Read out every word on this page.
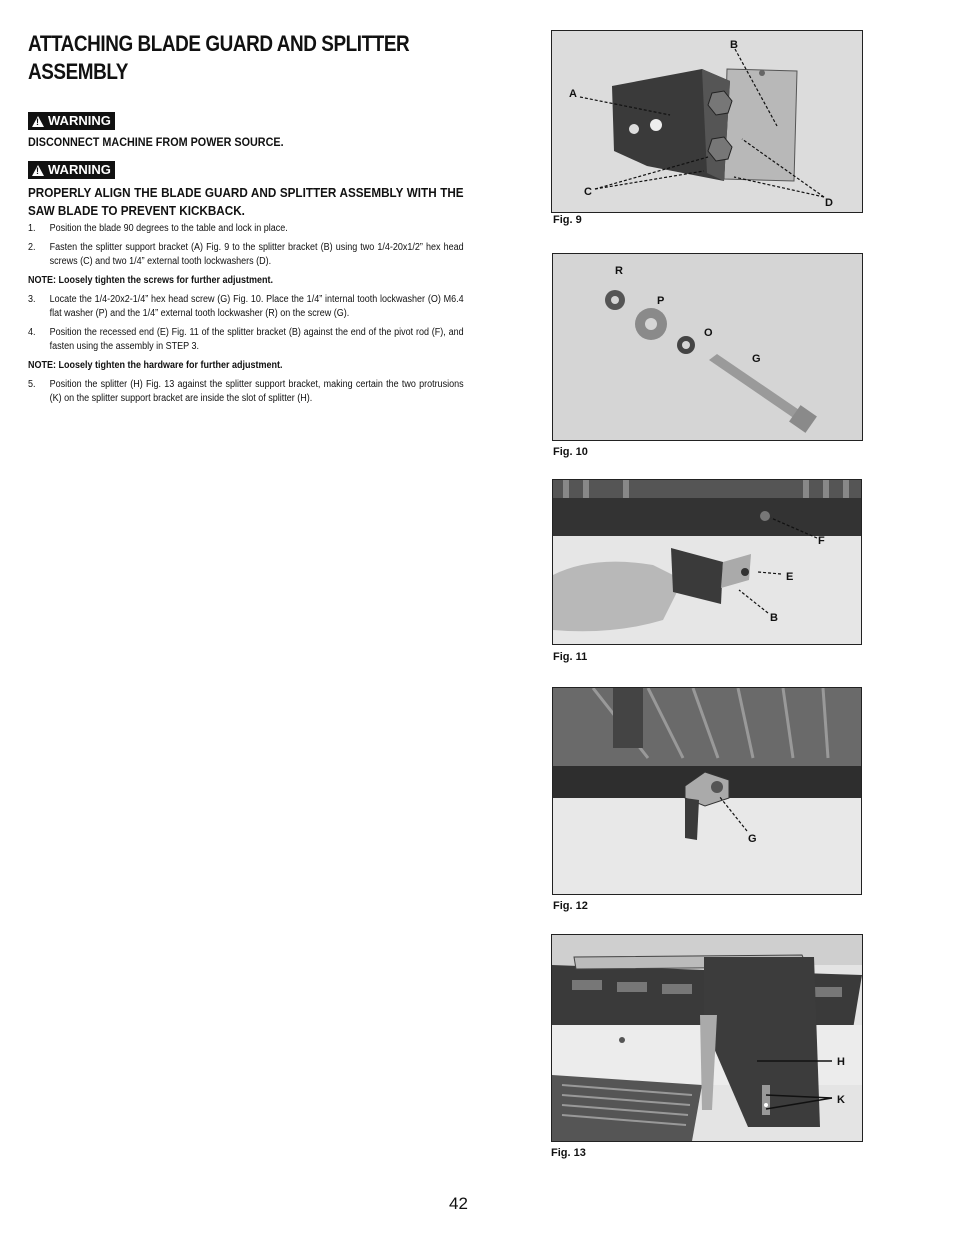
ATTACHING BLADE GUARD AND SPLITTER ASSEMBLY
!
WARNING
DISCONNECT MACHINE FROM POWER SOURCE.
!
WARNING
PROPERLY ALIGN THE BLADE GUARD AND SPLITTER ASSEMBLY WITH THE SAW BLADE TO PREVENT KICKBACK.
1.	Position the blade 90 degrees to the table and lock in place.
2.	Fasten the splitter support bracket (A) Fig. 9 to the splitter bracket (B) using two 1/4-20x1/2” hex head screws (C) and two 1/4” external tooth lockwashers (D).
NOTE: Loosely tighten the screws for further adjustment.
3.	Locate the 1/4-20x2-1/4” hex head screw (G) Fig. 10. Place the 1/4” internal tooth lockwasher (O) M6.4 flat washer (P) and the 1/4” external tooth lockwasher (R) on the screw (G).
4.	Position the recessed end (E) Fig. 11 of the splitter bracket (B) against the end of the pivot rod (F), and fasten using the assembly in STEP 3.
NOTE: Loosely tighten the hardware for further adjustment.
5.	Position the splitter (H) Fig. 13 against the splitter support bracket, making certain the two protrusions (K) on the splitter support bracket are inside the slot of splitter (H).
A
B
C
D
Fig. 9
R
P
O
G
Fig. 10
F
E
B
Fig. 11
G
Fig. 12
H
K
Fig. 13
42
